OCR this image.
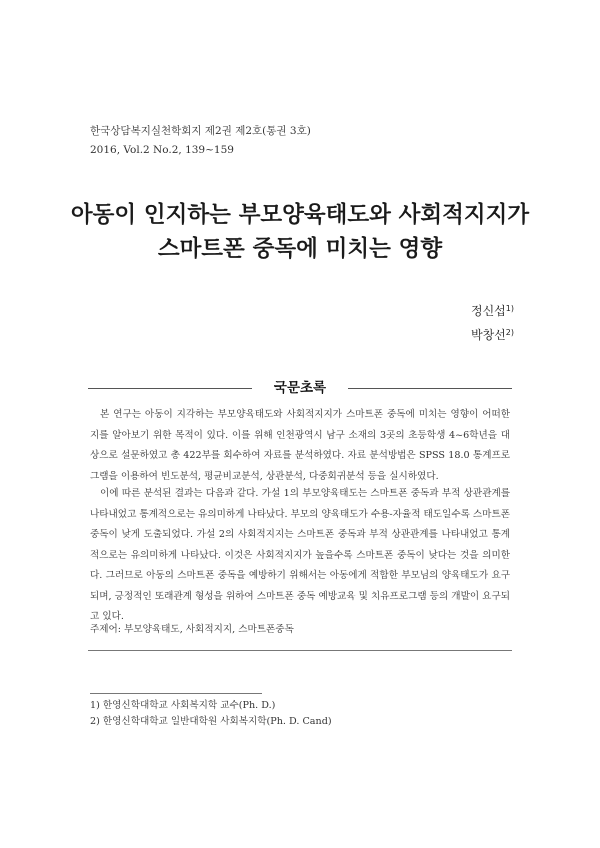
한국상담복지실천학회지 제2권 제2호(통권 3호)
2016, Vol.2 No.2, 139~159
아동이 인지하는 부모양육태도와 사회적지지가
스마트폰 중독에 미치는 영향
정신섭$^{1)}$
박창선$^{2)}$
국문초록

본 연구는 아동이 지각하는 부모양육태도와 사회적지지가 스마트폰 중독에 미치는 영향이 어떠한 지를 알아보기 위한 목적이 있다. 이를 위해 인천광역시 남구 소재의 3곳의 초등학생 4~6학년을 대상으로 설문하였고 총 422부를 회수하여 자료를 분석하였다. 자료 분석방법은 SPSS 18.0 통계프로그램을 이용하여 빈도분석, 평균비교분석, 상관분석, 다중회귀분석 등을 실시하였다.

이에 따른 분석된 결과는 다음과 같다. 가설 1의 부모양육태도는 스마트폰 중독과 부적 상관관계를 나타내었고 통계적으로는 유의미하게 나타났다. 부모의 양육태도가 수용-자율적 태도일수록 스마트폰 중독이 낮게 도출되었다. 가설 2의 사회적지지는 스마트폰 중독과 부적 상관관계를 나타내었고 통계적으로는 유의미하게 나타났다. 이것은 사회적지지가 높을수록 스마트폰 중독이 낮다는 것을 의미한다. 그러므로 아동의 스마트폰 중독을 예방하기 위해서는 아동에게 적합한 부모님의 양육태도가 요구되며, 긍정적인 또래관계 형성을 위하여 스마트폰 중독 예방교육 및 치유프로그램 등의 개발이 요구되고 있다.

주제어: 부모양육태도, 사회적지지, 스마트폰중독
1) 한영신학대학교 사회복지학 교수(Ph. D.)
2) 한영신학대학교 일반대학원 사회복지학(Ph. D. Cand)
